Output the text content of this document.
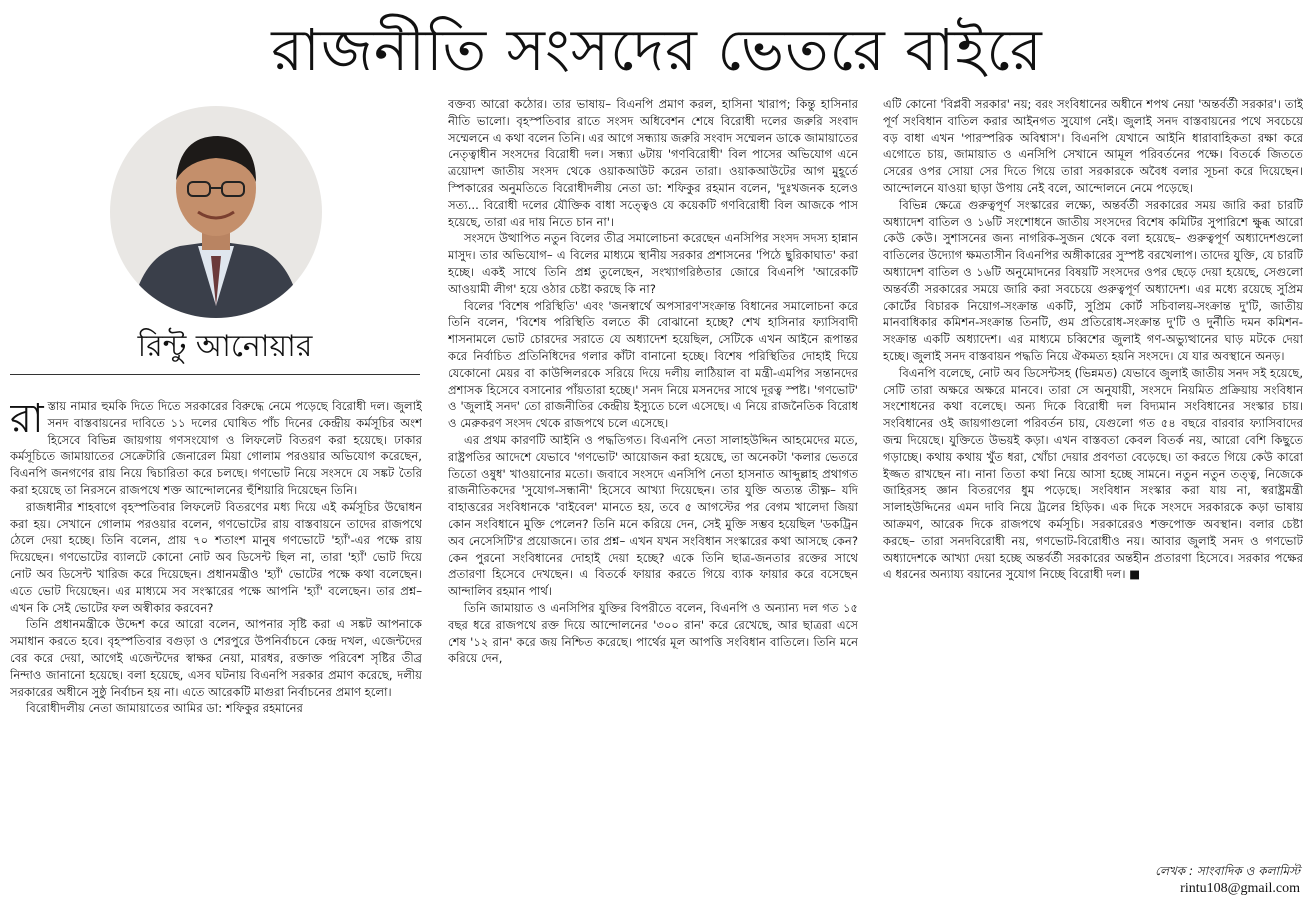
রাজনীতি সংসদের ভেতরে বাইরে
রিন্টু আনোয়ার

রাস্তায় নামার হুমকি দিতে দিতে সরকারের বিরুদ্ধে নেমে পড়েছে বিরোধী দল। জুলাই সনদ বাস্তবায়নের দাবিতে ১১ দলের ঘোষিত পাঁচ দিনের কেন্দ্রীয় কর্মসূচির অংশ হিসেবে বিভিন্ন জায়গায় গণসংযোগ ও লিফলেট বিতরণ করা হয়েছে। ঢাকার কর্মসূচিতে জামায়াতের সেক্রেটারি জেনারেল মিয়া গোলাম পরওয়ার অভিযোগ করেছেন, বিএনপি জনগণের রায় নিয়ে দ্বিচারিতা করে চলছে। গণভোট নিয়ে সংসদে যে সঙ্কট তৈরি করা হয়েছে তা নিরসনে রাজপথে শক্ত আন্দোলনের হুঁশিয়ারি দিয়েছেন তিনি।

রাজধানীর শাহবাগে বৃহস্পতিবার লিফলেট বিতরণের মধ্য দিয়ে এই কর্মসূচির উদ্বোধন করা হয়। সেখানে গোলাম পরওয়ার বলেন, গণভোটের রায় বাস্তবায়নে তাদের রাজপথে ঠেলে দেয়া হচ্ছে। তিনি বলেন, প্রায় ৭০ শতাংশ মানুষ গণভোটে 'হ্যাঁ'-এর পক্ষে রায় দিয়েছেন। গণভোটের ব্যালটে কোনো নোট অব ডিসেন্ট ছিল না, তারা 'হ্যাঁ' ভোট দিয়ে নোট অব ডিসেন্ট খারিজ করে দিয়েছেন। প্রধানমন্ত্রীও 'হ্যাঁ' ভোটের পক্ষে কথা বলেছেন। এতে ভোট দিয়েছেন। এর মাধ্যমে সব সংস্কারের পক্ষে আপনি 'হ্যাঁ' বলেছেন। তার প্রশ্ন– এখন কি সেই ভোটের ফল অস্বীকার করবেন?

তিনি প্রধানমন্ত্রীকে উদ্দেশ করে আরো বলেন, আপনার সৃষ্টি করা এ সঙ্কট আপনাকে সমাধান করতে হবে। বৃহস্পতিবার বগুড়া ও শেরপুরে উপনির্বাচনে কেন্দ্র দখল, এজেন্টদের বের করে দেয়া, আগেই এজেন্টদের স্বাক্ষর নেয়া, মারধর, রক্তাক্ত পরিবেশ সৃষ্টির তীব্র নিন্দাও জানানো হয়েছে। বলা হয়েছে, এসব ঘটনায় বিএনপি সরকার প্রমাণ করেছে, দলীয় সরকারের অধীনে সুষ্ঠু নির্বাচন হয় না। এতে আরেকটি মাগুরা নির্বাচনের প্রমাণ হলো।

বিরোধীদলীয় নেতা জামায়াতের আমির ডা: শফিকুর রহমানের

বক্তব্য আরো কঠোর। তার ভাষায়– বিএনপি প্রমাণ করল, হাসিনা খারাপ; কিন্তু হাসিনার নীতি ভালো। বৃহস্পতিবার রাতে সংসদ অধিবেশন শেষে বিরোধী দলের জরুরি সংবাদ সম্মেলনে এ কথা বলেন তিনি। এর আগে সন্ধ্যায় জরুরি সংবাদ সম্মেলন ডাকে জামায়াতের নেতৃত্বাধীন সংসদের বিরোধী দল। সন্ধ্যা ৬টায় 'গণবিরোধী' বিল পাসের অভিযোগ এনে ত্রয়োদশ জাতীয় সংসদ থেকে ওয়াকআউট করেন তারা। ওয়াকআউটের আগ মুহূর্তে স্পিকারের অনুমতিতে বিরোধীদলীয় নেতা ডা: শফিকুর রহমান বলেন, 'দুঃখজনক হলেও সত্য... বিরোধী দলের যৌক্তিক বাধা সত্ত্বেও যে কয়েকটি গণবিরোধী বিল আজকে পাস হয়েছে, তারা এর দায় নিতে চান না'।

সংসদে উত্থাপিত নতুন বিলের তীব্র সমালোচনা করেছেন এনসিপির সংসদ সদস্য হান্নান মাসুদ। তার অভিযোগ– এ বিলের মাধ্যমে স্থানীয় সরকার প্রশাসনের 'পিঠে ছুরিকাঘাত' করা হচ্ছে। একই সাথে তিনি প্রশ্ন তুলেছেন, সংখ্যাগরিষ্ঠতার জোরে বিএনপি 'আরেকটি আওয়ামী লীগ' হয়ে ওঠার চেষ্টা করছে কি না?

বিলের 'বিশেষ পরিস্থিতি' এবং 'জনস্বার্থে অপসারণ'সংক্রান্ত বিধানের সমালোচনা করে তিনি বলেন, 'বিশেষ পরিস্থিতি বলতে কী বোঝানো হচ্ছে? শেখ হাসিনার ফ্যাসিবাদী শাসনামলে ভোট চোরদের সরাতে যে অধ্যাদেশ হয়েছিল, সেটিকে এখন আইনে রূপান্তর করে নির্বাচিত প্রতিনিধিদের গলার কাঁটা বানানো হচ্ছে। বিশেষ পরিস্থিতির দোহাই দিয়ে যেকোনো মেয়র বা কাউন্সিলরকে সরিয়ে দিয়ে দলীয় লাঠিয়াল বা মন্ত্রী-এমপির সন্তানদের প্রশাসক হিসেবে বসানোর পাঁয়তারা হচ্ছে।' সনদ নিয়ে মসনদের সাথে দূরত্ব স্পষ্ট। 'গণভোট' ও 'জুলাই সনদ' তো রাজনীতির কেন্দ্রীয় ইস্যুতে চলে এসেছে। এ নিয়ে রাজনৈতিক বিরোধ ও মেরুকরণ সংসদ থেকে রাজপথে চলে এসেছে।

এর প্রথম কারণটি আইনি ও পদ্ধতিগত। বিএনপি নেতা সালাহউদ্দিন আহমেদের মতে, রাষ্ট্রপতির আদেশে যেভাবে 'গণভোট' আয়োজন করা হয়েছে, তা অনেকটা 'কলার ভেতরে তিতো ওষুধ' খাওয়ানোর মতো। জবাবে সংসদে এনসিপি নেতা হাসনাত আব্দুল্লাহ প্রথাগত রাজনীতিকদের 'সুযোগ-সন্ধানী' হিসেবে আখ্যা দিয়েছেন। তার যুক্তি অত্যন্ত তীক্ষ্ণ– যদি বাহাত্তরের সংবিধানকে 'বাইবেল' মানতে হয়, তবে ৫ আগস্টের পর বেগম খালেদা জিয়া কোন সংবিধানে মুক্তি পেলেন? তিনি মনে করিয়ে দেন, সেই মুক্তি সম্ভব হয়েছিল 'ডকট্রিন অব নেসেসিটি'র প্রয়োজনে। তার প্রশ্ন– এখন যখন সংবিধান সংস্কারের কথা আসছে কেন? কেন পুরনো সংবিধানের দোহাই দেয়া হচ্ছে? একে তিনি ছাত্র-জনতার রক্তের সাথে প্রতারণা হিসেবে দেখছেন। এ বিতর্কে ফায়ার করতে গিয়ে ব্যাক ফায়ার করে বসেছেন আন্দালিব রহমান পার্থ।

তিনি জামায়াত ও এনসিপির যুক্তির বিপরীতে বলেন, বিএনপি ও অন্যান্য দল গত ১৫ বছর ধরে রাজপথে রক্ত দিয়ে আন্দোলনের '৩০০ রান' করে রেখেছে, আর ছাত্ররা এসে শেষ '১২ রান' করে জয় নিশ্চিত করেছে। পার্থের মূল আপত্তি সংবিধান বাতিলে। তিনি মনে করিয়ে দেন,

এটি কোনো 'বিপ্লবী সরকার' নয়; বরং সংবিধানের অধীনে শপথ নেয়া 'অন্তর্বর্তী সরকার'। তাই পূর্ণ সংবিধান বাতিল করার আইনগত সুযোগ নেই। জুলাই সনদ বাস্তবায়নের পথে সবচেয়ে বড় বাধা এখন 'পারস্পরিক অবিশ্বাস'। বিএনপি যেখানে আইনি ধারাবাহিকতা রক্ষা করে এগোতে চায়, জামায়াত ও এনসিপি সেখানে আমূল পরিবর্তনের পক্ষে। বিতর্কে জিততে সেরের ওপর সোয়া সের দিতে গিয়ে তারা সরকারকে অবৈধ বলার সূচনা করে দিয়েছেন। আন্দোলনে যাওয়া ছাড়া উপায় নেই বলে, আন্দোলনে নেমে পড়েছে।

বিভিন্ন ক্ষেত্রে গুরুত্বপূর্ণ সংস্কারের লক্ষ্যে, অন্তর্বর্তী সরকারের সময় জারি করা চারটি অধ্যাদেশ বাতিল ও ১৬টি সংশোধনে জাতীয় সংসদের বিশেষ কমিটির সুপারিশে ক্ষুব্ধ আরো কেউ কেউ। সুশাসনের জন্য নাগরিক-সুজন থেকে বলা হয়েছে– গুরুত্বপূর্ণ অধ্যাদেশগুলো বাতিলের উদ্যোগ ক্ষমতাসীন বিএনপির অঙ্গীকারের সুস্পষ্ট বরখেলাপ। তাদের যুক্তি, যে চারটি অধ্যাদেশ বাতিল ও ১৬টি অনুমোদনের বিষয়টি সংসদের ওপর ছেড়ে দেয়া হয়েছে, সেগুলো অন্তর্বর্তী সরকারের সময়ে জারি করা সবচেয়ে গুরুত্বপূর্ণ অধ্যাদেশ। এর মধ্যে রয়েছে সুপ্রিম কোর্টের বিচারক নিয়োগ-সংক্রান্ত একটি, সুপ্রিম কোর্ট সচিবালয়-সংক্রান্ত দু'টি, জাতীয় মানবাধিকার কমিশন-সংক্রান্ত তিনটি, গুম প্রতিরোধ-সংক্রান্ত দু'টি ও দুর্নীতি দমন কমিশন-সংক্রান্ত একটি অধ্যাদেশ। এর মাধ্যমে চব্বিশের জুলাই গণ-অভ্যুত্থানের ঘাড় মটকে দেয়া হচ্ছে। জুলাই সনদ বাস্তবায়ন পদ্ধতি নিয়ে ঐকমত্য হয়নি সংসদে। যে যার অবস্থানে অনড়।

বিএনপি বলেছে, নোট অব ডিসেন্টসহ (ভিন্নমত) যেভাবে জুলাই জাতীয় সনদ সই হয়েছে, সেটি তারা অক্ষরে অক্ষরে মানবে। তারা সে অনুযায়ী, সংসদে নিয়মিত প্রক্রিয়ায় সংবিধান সংশোধনের কথা বলেছে। অন্য দিকে বিরোধী দল বিদ্যমান সংবিধানের সংস্কার চায়। সংবিধানের ওই জায়গাগুলো পরিবর্তন চায়, যেগুলো গত ৫৪ বছরে বারবার ফ্যাসিবাদের জন্ম দিয়েছে। যুক্তিতে উভয়ই কড়া। এখন বাস্তবতা কেবল বিতর্ক নয়, আরো বেশি কিছুতে গড়াচ্ছে। কথায় কথায় খুঁত ধরা, খোঁচা দেয়ার প্রবণতা বেড়েছে। তা করতে গিয়ে কেউ কারো ইজ্জত রাখছেন না। নানা তিতা কথা নিয়ে আসা হচ্ছে সামনে। নতুন নতুন তত্ত্ব, নিজেকে জাহিরসহ জ্ঞান বিতরণের ধুম পড়েছে। সংবিধান সংস্কার করা যায় না, স্বরাষ্ট্রমন্ত্রী সালাহউদ্দিনের এমন দাবি নিয়ে ট্রলের হিড়িক। এক দিকে সংসদে সরকারকে কড়া ভাষায় আক্রমণ, আরেক দিকে রাজপথে কর্মসূচি। সরকারেরও শক্তপোক্ত অবস্থান। বলার চেষ্টা করছে– তারা সনদবিরোধী নয়, গণভোট-বিরোধীও নয়। আবার জুলাই সনদ ও গণভোট অধ্যাদেশকে আখ্যা দেয়া হচ্ছে অন্তর্বর্তী সরকারের অন্তহীন প্রতারণা হিসেবে। সরকার পক্ষের এ ধরনের অন্যায্য বয়ানের সুযোগ নিচ্ছে বিরোধী দল। ■

লেখক : সাংবাদিক ও কলামিস্ট
rintu108@gmail.com
